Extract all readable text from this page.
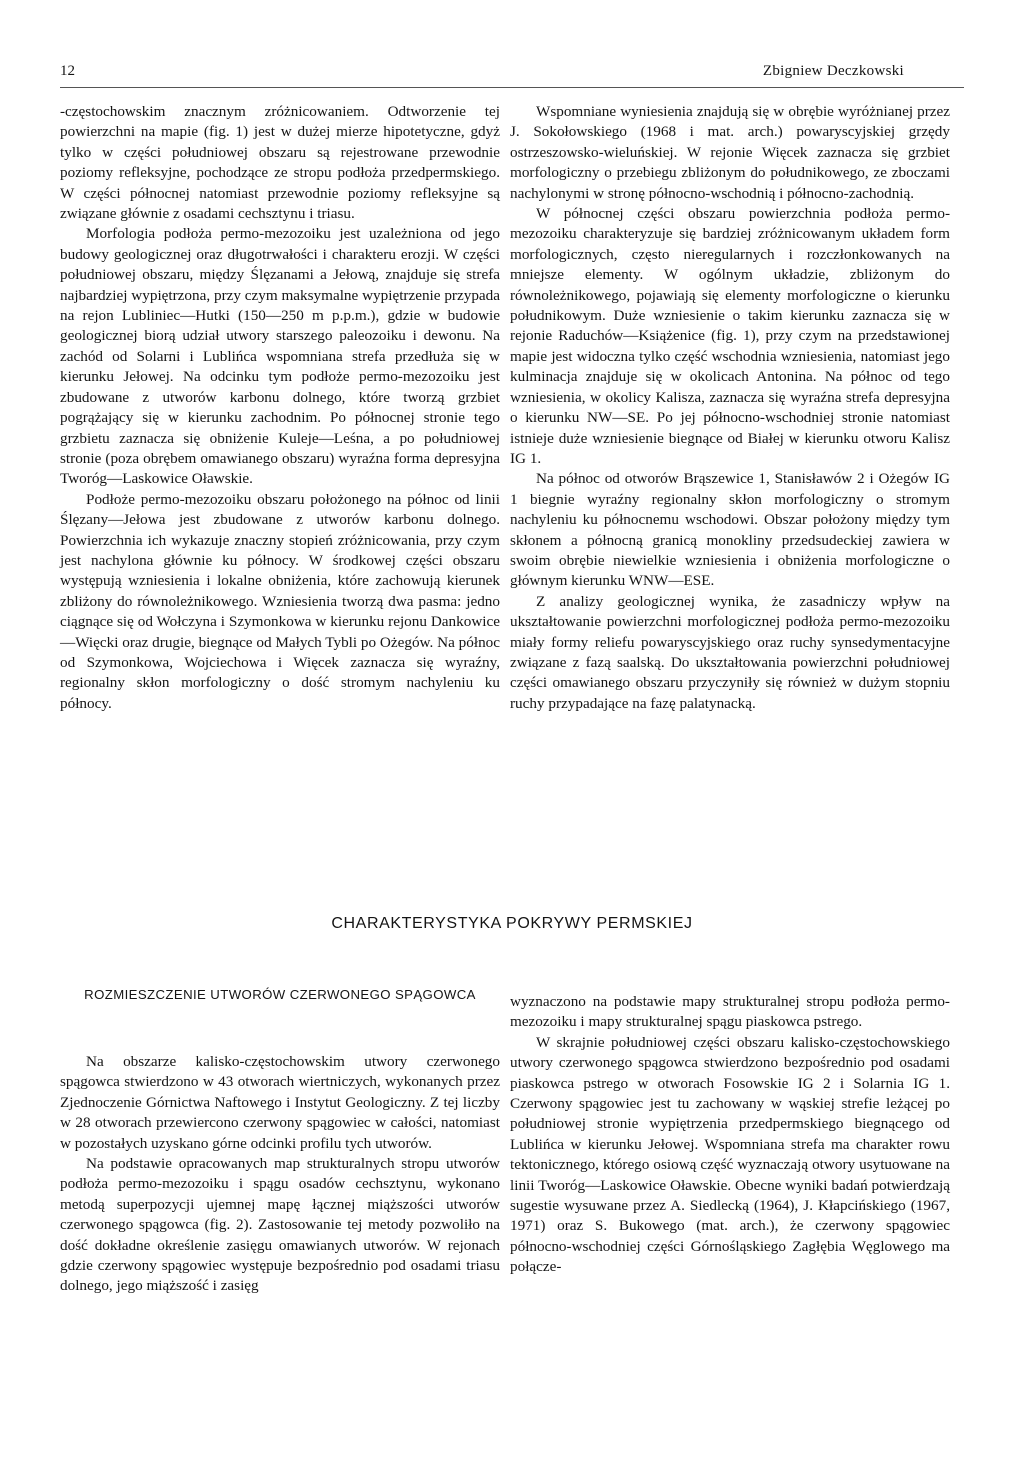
12	Zbigniew Deczkowski

-częstochowskim znacznym zróżnicowaniem. Odtworzenie tej powierzchni na mapie (fig. 1) jest w dużej mierze hipotetyczne, gdyż tylko w części południowej obszaru są rejestrowane przewodnie poziomy refleksyjne, pochodzące ze stropu podłoża przedpermskiego. W części północnej natomiast przewodnie poziomy refleksyjne są związane głównie z osadami cechsztynu i triasu.

Morfologia podłoża permo-mezozoiku jest uzależniona od jego budowy geologicznej oraz długotrwałości i charakteru erozji. W części południowej obszaru, między Ślęzanami a Jełową, znajduje się strefa najbardziej wypiętrzona, przy czym maksymalne wypiętrzenie przypada na rejon Lubliniec—Hutki (150—250 m p.p.m.), gdzie w budowie geologicznej biorą udział utwory starszego paleozoiku i dewonu. Na zachód od Solarni i Lublińca wspomniana strefa przedłuża się w kierunku Jełowej. Na odcinku tym podłoże permo-mezozoiku jest zbudowane z utworów karbonu dolnego, które tworzą grzbiet pogrążający się w kierunku zachodnim. Po północnej stronie tego grzbietu zaznacza się obniżenie Kuleje—Leśna, a po południowej stronie (poza obrębem omawianego obszaru) wyraźna forma depresyjna Tworóg—Laskowice Oławskie.

Podłoże permo-mezozoiku obszaru położonego na północ od linii Ślęzany—Jełowa jest zbudowane z utworów karbonu dolnego. Powierzchnia ich wykazuje znaczny stopień zróżnicowania, przy czym jest nachylona głównie ku północy. W środkowej części obszaru występują wzniesienia i lokalne obniżenia, które zachowują kierunek zbliżony do równoleżnikowego. Wzniesienia tworzą dwa pasma: jedno ciągnące się od Wołczyna i Szymonkowa w kierunku rejonu Dankowice—Więcki oraz drugie, biegnące od Małych Tybli po Ożegów. Na północ od Szymonkowa, Wojciechowa i Więcek zaznacza się wyraźny, regionalny skłon morfologiczny o dość stromym nachyleniu ku północy.

Wspomniane wyniesienia znajdują się w obrębie wyróżnianej przez J. Sokołowskiego (1968 i mat. arch.) powaryscyjskiej grzędy ostrzeszowsko-wieluńskiej. W rejonie Więcek zaznacza się grzbiet morfologiczny o przebiegu zbliżonym do południkowego, ze zboczami nachylonymi w stronę północno-wschodnią i północno-zachodnią.

W północnej części obszaru powierzchnia podłoża permo-mezozoiku charakteryzuje się bardziej zróżnicowanym układem form morfologicznych, często nieregularnych i rozczłonkowanych na mniejsze elementy. W ogólnym układzie, zbliżonym do równoleżnikowego, pojawiają się elementy morfologiczne o kierunku południkowym. Duże wzniesienie o takim kierunku zaznacza się w rejonie Raduchów—Książenice (fig. 1), przy czym na przedstawionej mapie jest widoczna tylko część wschodnia wzniesienia, natomiast jego kulminacja znajduje się w okolicach Antonina. Na północ od tego wzniesienia, w okolicy Kalisza, zaznacza się wyraźna strefa depresyjna o kierunku NW—SE. Po jej północno-wschodniej stronie natomiast istnieje duże wzniesienie biegnące od Białej w kierunku otworu Kalisz IG 1.

Na północ od otworów Brąszewice 1, Stanisławów 2 i Ożegów IG 1 biegnie wyraźny regionalny skłon morfologiczny o stromym nachyleniu ku północnemu wschodowi. Obszar położony między tym skłonem a północną granicą monokliny przedsudeckiej zawiera w swoim obrębie niewielkie wzniesienia i obniżenia morfologiczne o głównym kierunku WNW—ESE.

Z analizy geologicznej wynika, że zasadniczy wpływ na ukształtowanie powierzchni morfologicznej podłoża permo-mezozoiku miały formy reliefu powaryscyjskiego oraz ruchy synsedymentacyjne związane z fazą saalską. Do ukształtowania powierzchni południowej części omawianego obszaru przyczyniły się również w dużym stopniu ruchy przypadające na fazę palatynacką.

CHARAKTERYSTYKA POKRYWY PERMSKIEJ
ROZMIESZCZENIE UTWORÓW CZERWONEGO SPĄGOWCA

Na obszarze kalisko-częstochowskim utwory czerwonego spągowca stwierdzono w 43 otworach wiertniczych, wykonanych przez Zjednoczenie Górnictwa Naftowego i Instytut Geologiczny. Z tej liczby w 28 otworach przewiercono czerwony spągowiec w całości, natomiast w pozostałych uzyskano górne odcinki profilu tych utworów.

Na podstawie opracowanych map strukturalnych stropu utworów podłoża permo-mezozoiku i spągu osadów cechsztynu, wykonano metodą superpozycji ujemnej mapę łącznej miąższości utworów czerwonego spągowca (fig. 2). Zastosowanie tej metody pozwoliło na dość dokładne określenie zasięgu omawianych utworów. W rejonach gdzie czerwony spągowiec występuje bezpośrednio pod osadami triasu dolnego, jego miąższość i zasięg

wyznaczono na podstawie mapy strukturalnej stropu podłoża permo-mezozoiku i mapy strukturalnej spągu piaskowca pstrego.

W skrajnie południowej części obszaru kalisko-częstochowskiego utwory czerwonego spągowca stwierdzono bezpośrednio pod osadami piaskowca pstrego w otworach Fosowskie IG 2 i Solarnia IG 1. Czerwony spągowiec jest tu zachowany w wąskiej strefie leżącej po południowej stronie wypiętrzenia przedpermskiego biegnącego od Lublińca w kierunku Jełowej. Wspomniana strefa ma charakter rowu tektonicznego, którego osiową część wyznaczają otwory usytuowane na linii Tworóg—Laskowice Oławskie. Obecne wyniki badań potwierdzają sugestie wysuwane przez A. Siedlecką (1964), J. Kłapcińskiego (1967, 1971) oraz S. Bukowego (mat. arch.), że czerwony spągowiec północno-wschodniej części Górnośląskiego Zagłębia Węglowego ma połącze-
